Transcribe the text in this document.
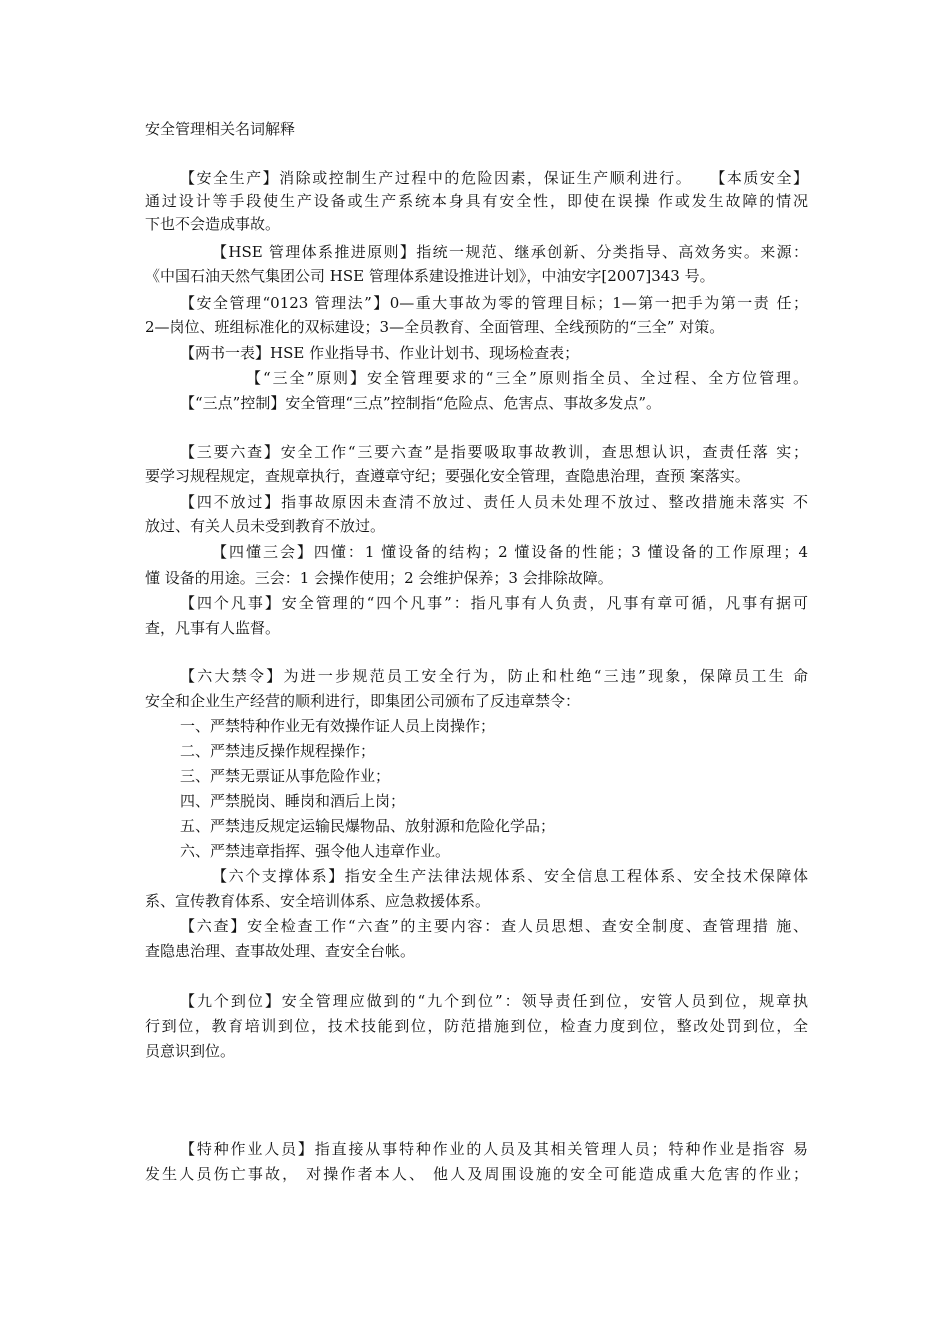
安全管理相关名词解释
【安全生产】消除或控制生产过程中的危险因素，保证生产顺利进行。　　【本质安全】
通过设计等手段使生产设备或生产系统本身具有安全性，即使在误操 作或发生故障的情况
下也不会造成事故。
【HSE 管理体系推进原则】指统一规范、继承创新、分类指导、高效务实。来源：
《中国石油天然气集团公司 HSE 管理体系建设推进计划》，中油安字[2007]343 号。
【安全管理“0123 管理法”】0—重大事故为零的管理目标；1—第一把手为第一责 任；
2—岗位、班组标准化的双标建设；3—全员教育、全面管理、全线预防的“三全” 对策。
【两书一表】HSE 作业指导书、作业计划书、现场检查表；
【“三全”原则】安全管理要求的“三全”原则指全员、全过程、全方位管理。
【“三点”控制】安全管理“三点”控制指“危险点、危害点、事故多发点”。
【三要六查】安全工作“三要六查”是指要吸取事故教训，查思想认识，查责任落 实；
要学习规程规定，查规章执行，查遵章守纪；要强化安全管理，查隐患治理，查预 案落实。
【四不放过】指事故原因未查清不放过、责任人员未处理不放过、整改措施未落实 不
放过、有关人员未受到教育不放过。
【四懂三会】四懂：1 懂设备的结构；2 懂设备的性能；3 懂设备的工作原理；4
懂 设备的用途。三会：1 会操作使用；2 会维护保养；3 会排除故障。
【四个凡事】安全管理的“四个凡事”：指凡事有人负责，凡事有章可循，凡事有据可
查，凡事有人监督。
【六大禁令】为进一步规范员工安全行为，防止和杜绝“三违”现象，保障员工生 命
安全和企业生产经营的顺利进行，即集团公司颁布了反违章禁令：
一、严禁特种作业无有效操作证人员上岗操作；
二、严禁违反操作规程操作；
三、严禁无票证从事危险作业；
四、严禁脱岗、睡岗和酒后上岗；
五、严禁违反规定运输民爆物品、放射源和危险化学品；
六、严禁违章指挥、强令他人违章作业。
【六个支撑体系】指安全生产法律法规体系、安全信息工程体系、安全技术保障体
系、宣传教育体系、安全培训体系、应急救援体系。
【六查】安全检查工作“六查”的主要内容：查人员思想、查安全制度、查管理措 施、
查隐患治理、查事故处理、查安全台帐。
【九个到位】安全管理应做到的“九个到位”：领导责任到位，安管人员到位，规章执
行到位，教育培训到位，技术技能到位，防范措施到位，检查力度到位，整改处罚到位，全
员意识到位。
【特种作业人员】指直接从事特种作业的人员及其相关管理人员；特种作业是指容 易
发生人员伤亡事故， 对操作者本人、 他人及周围设施的安全可能造成重大危害的作业；
